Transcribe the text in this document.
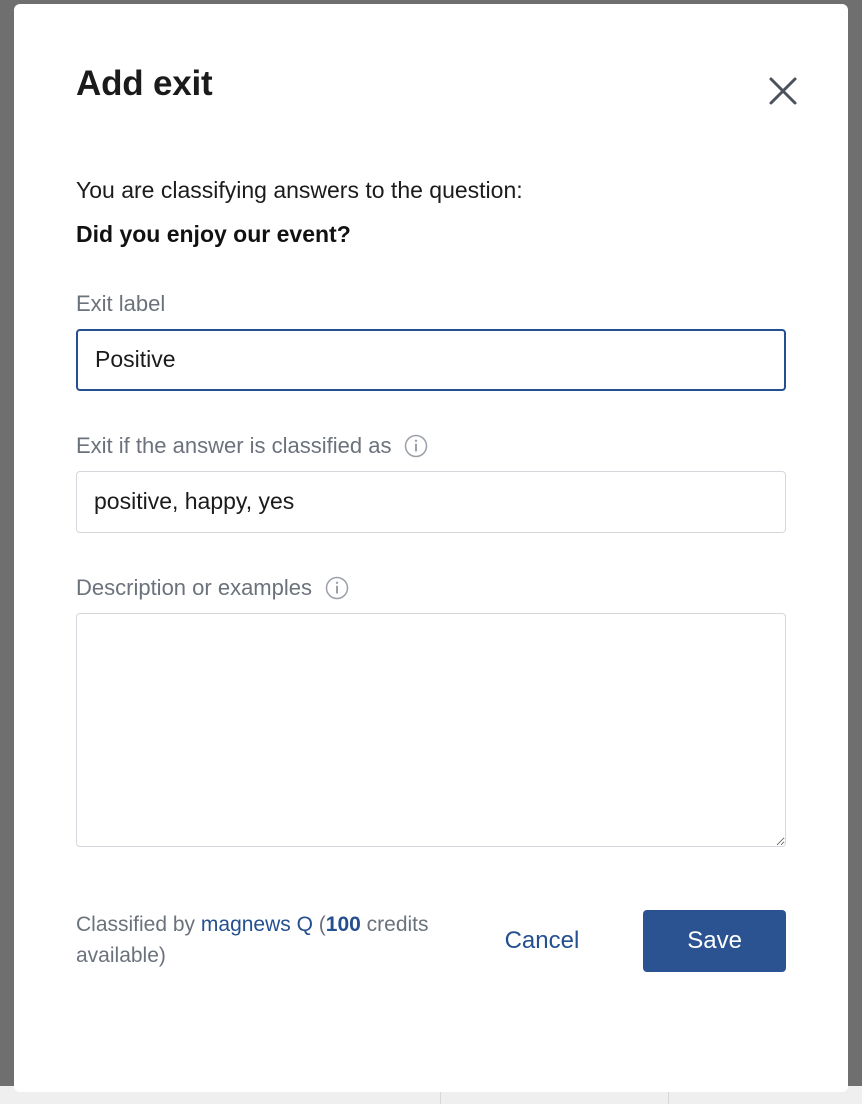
Add exit
You are classifying answers to the question:
Did you enjoy our event?
Exit label
Positive
Exit if the answer is classified as
positive, happy, yes
Description or examples
Classified by magnews Q (100 credits available)
Cancel	Save
